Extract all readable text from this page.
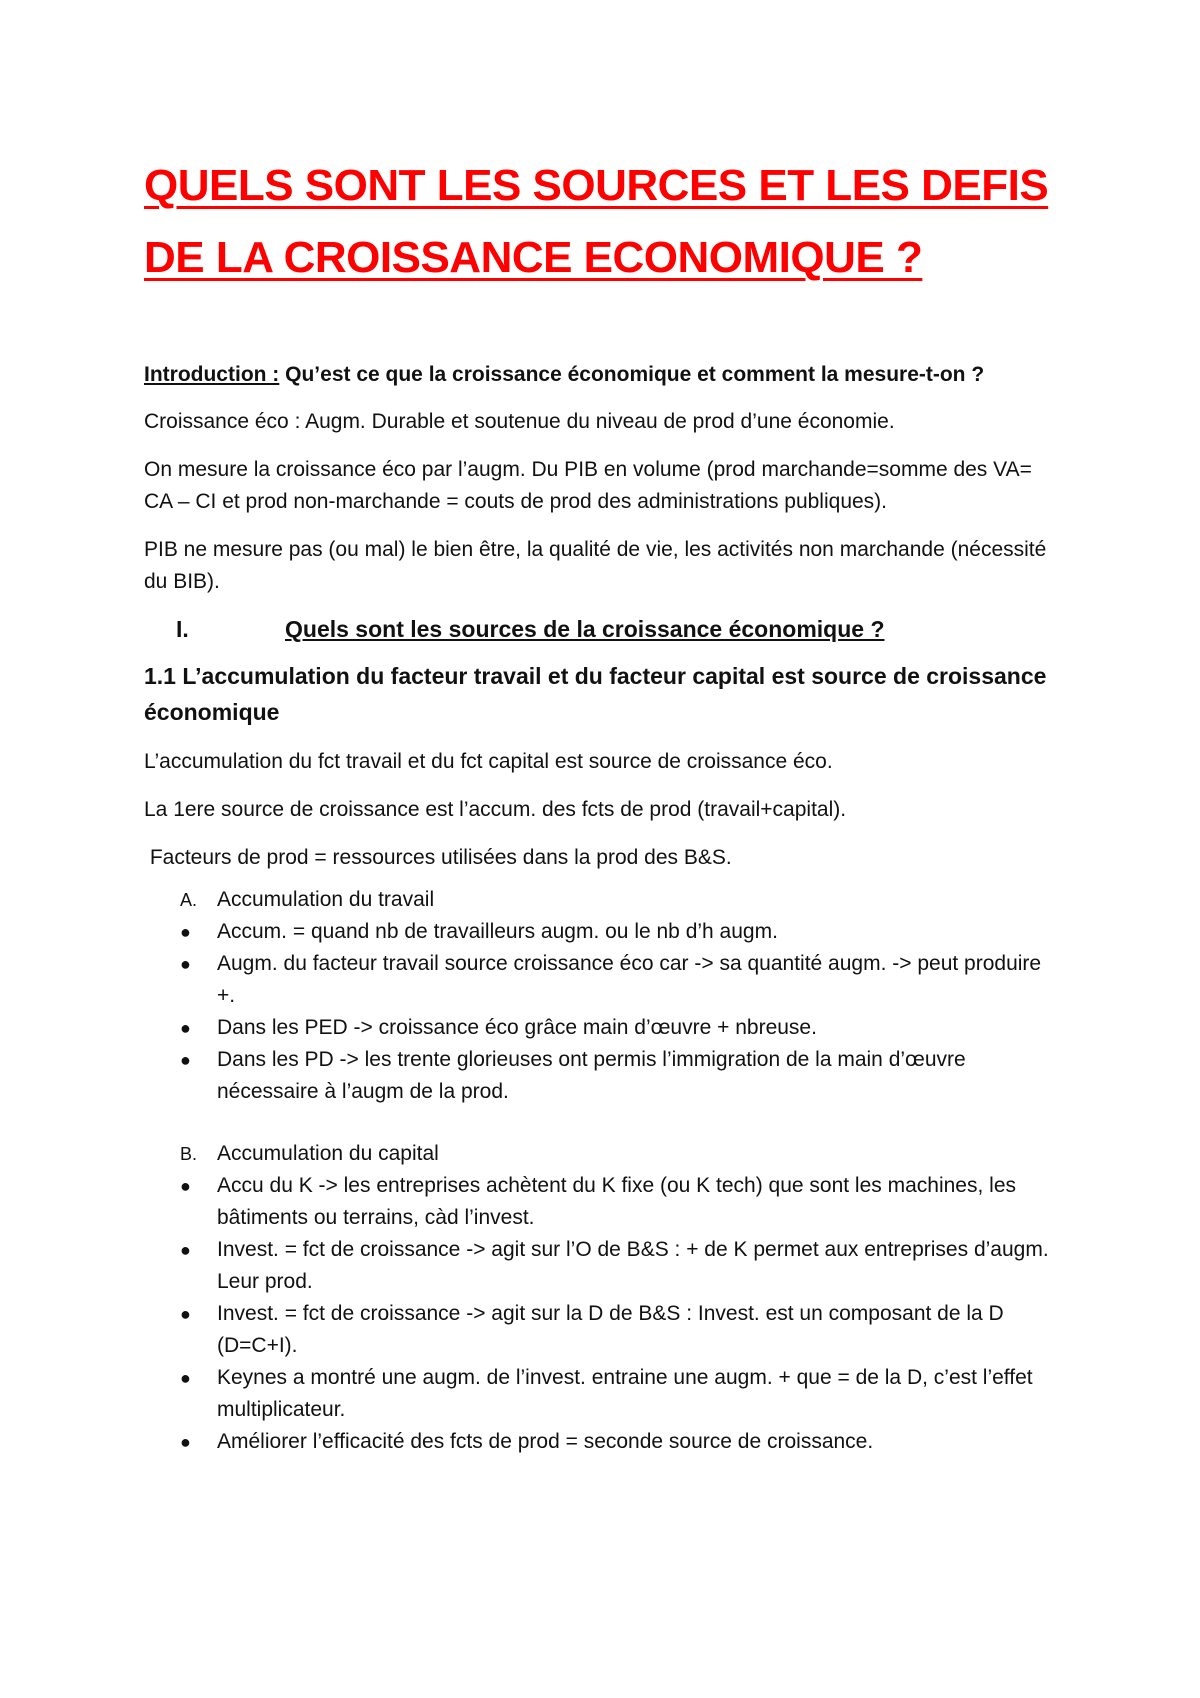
QUELS SONT LES SOURCES ET LES DEFIS
DE LA CROISSANCE ECONOMIQUE ?
Introduction : Qu’est ce que la croissance économique et comment la mesure-t-on ?

Croissance éco : Augm. Durable et soutenue du niveau de prod d’une économie.

On mesure la croissance éco par l’augm. Du PIB en volume (prod marchande=somme des VA= CA – CI et prod non-marchande = couts de prod des administrations publiques).

PIB ne mesure pas (ou mal) le bien être, la qualité de vie, les activités non marchande (nécessité du BIB).

I.	Quels sont les sources de la croissance économique ?
1.1 L’accumulation du facteur travail et du facteur capital est source de croissance économique

L’accumulation du fct travail et du fct capital est source de croissance éco.

La 1ere source de croissance est l’accum. des fcts de prod (travail+capital).

Facteurs de prod = ressources utilisées dans la prod des B&S.

A. Accumulation du travail
●	Accum. = quand nb de travailleurs augm. ou le nb d’h augm.
●	Augm. du facteur travail source croissance éco car -> sa quantité augm. -> peut produire +.
●	Dans les PED -> croissance éco grâce main d’œuvre + nbreuse.
●	Dans les PD -> les trente glorieuses ont permis l’immigration de la main d’œuvre nécessaire à l’augm de la prod.
B. Accumulation du capital
●	Accu du K -> les entreprises achètent du K fixe (ou K tech) que sont les machines, les bâtiments ou terrains, càd l’invest.
●	Invest. = fct de croissance -> agit sur l’O de B&S : + de K permet aux entreprises d’augm. Leur prod.
●	Invest. = fct de croissance -> agit sur la D de B&S : Invest. est un composant de la D (D=C+I).
●	Keynes a montré une augm. de l’invest. entraine une augm. + que = de la D, c’est l’effet multiplicateur.
●	Améliorer l’efficacité des fcts de prod = seconde source de croissance.
